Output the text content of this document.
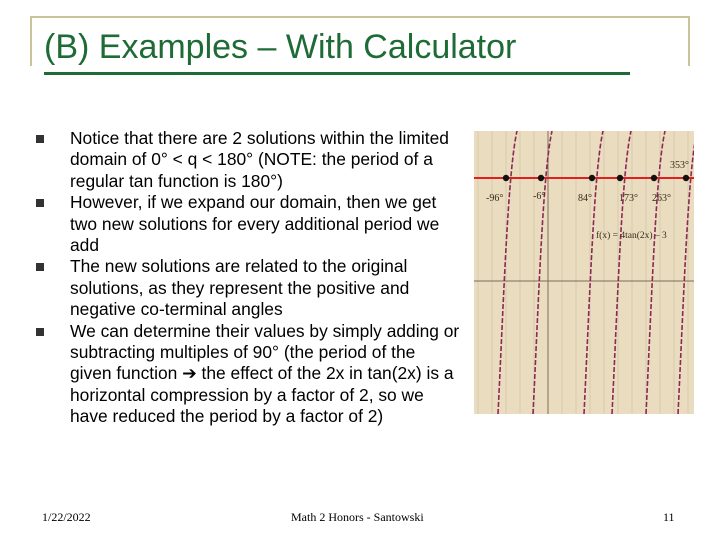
(B) Examples – With Calculator
Notice that there are 2 solutions within the limited domain of 0° < q < 180° (NOTE: the period of a regular tan function is 180°)
However, if we expand our domain, then we get two new solutions for every additional period we add
The new solutions are related to the original solutions, as they represent the positive and negative co-terminal angles
We can determine their values by simply adding or subtracting multiples of 90° (the period of the given function ➔ the effect of the 2x in tan(2x) is a horizontal compression by a factor of 2, so we have reduced the period by a factor of 2)
-96°	-6°	84°	173° 263°
353°
f(x) = 4tan(2x) – 3
1/22/2022	Math 2 Honors - Santowski	11
